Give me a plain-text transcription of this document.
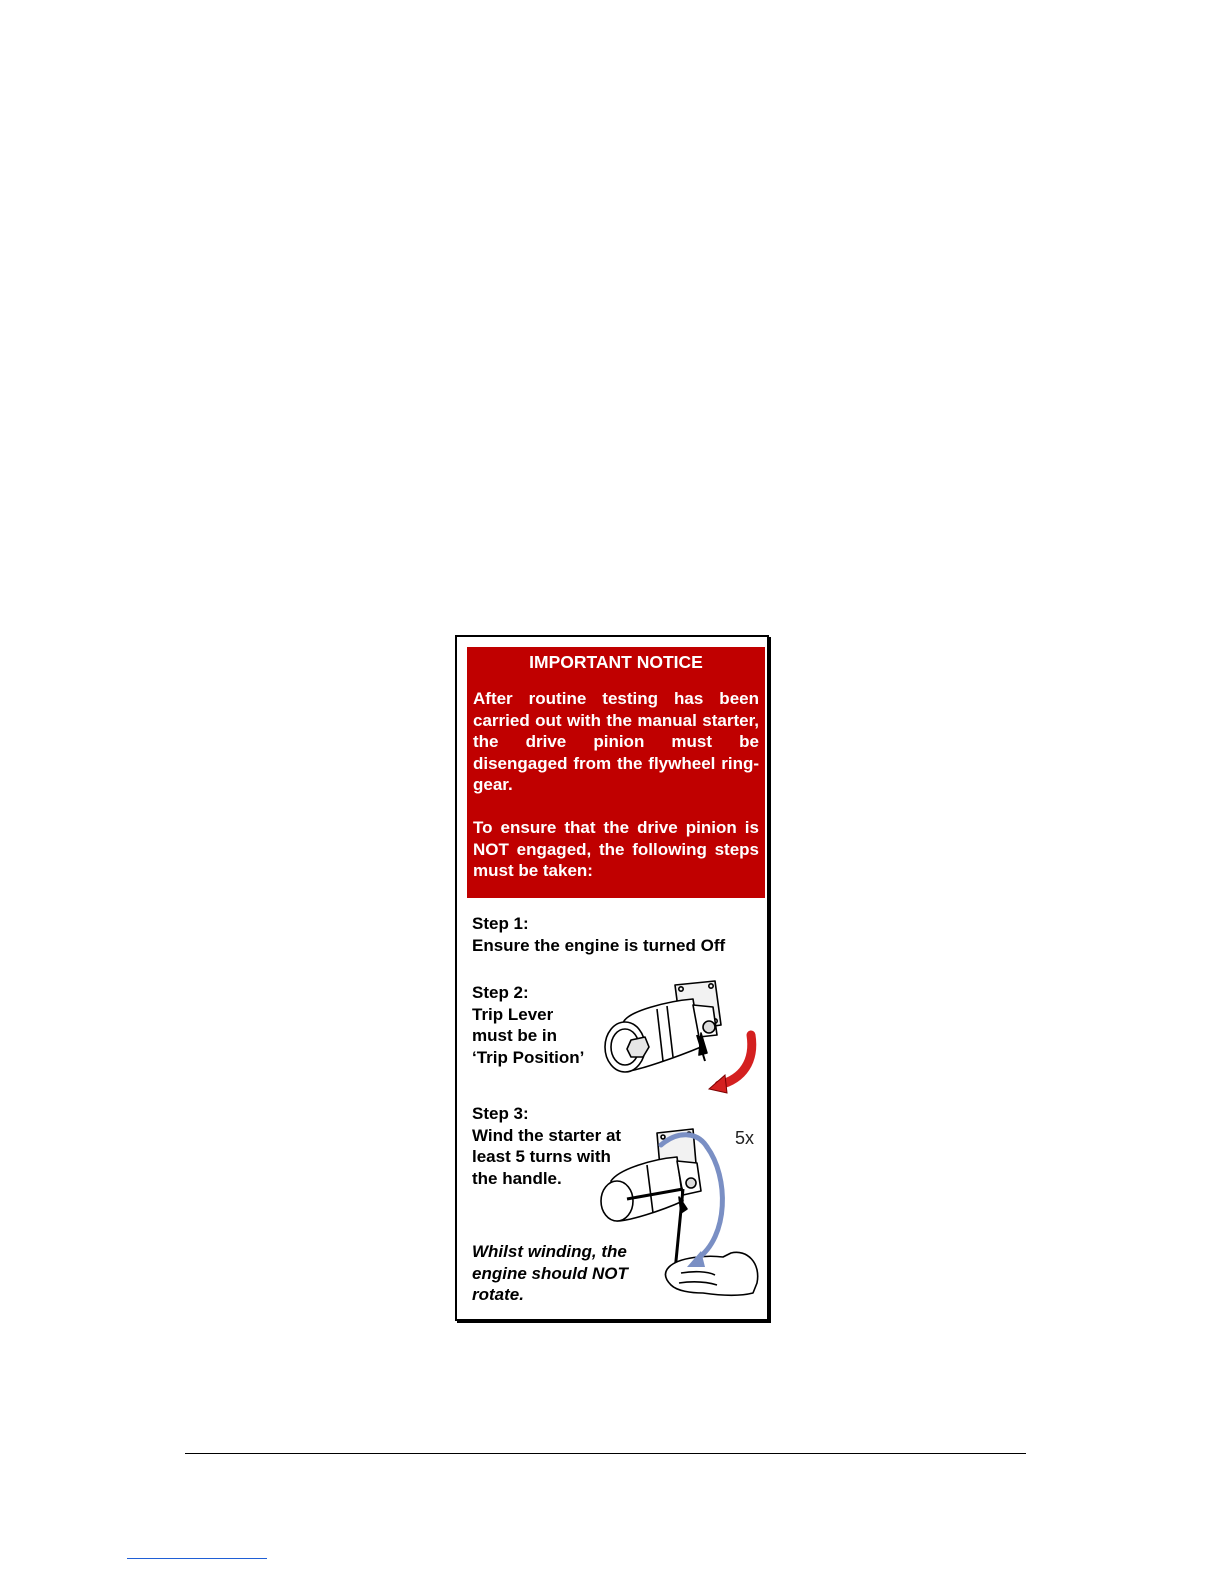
IMPORTANT NOTICE

After routine testing has been carried out with the manual starter, the drive pinion must be disengaged from the flywheel ring-gear.

To ensure that the drive pinion is NOT engaged, the following steps must be taken:

Step 1:
Ensure the engine is turned Off
Step 2:
Trip Lever
must be in
‘Trip Position’
Step 3:
Wind the starter at
least 5 turns with
the handle.
5x
Whilst winding, the
engine should NOT
rotate.
